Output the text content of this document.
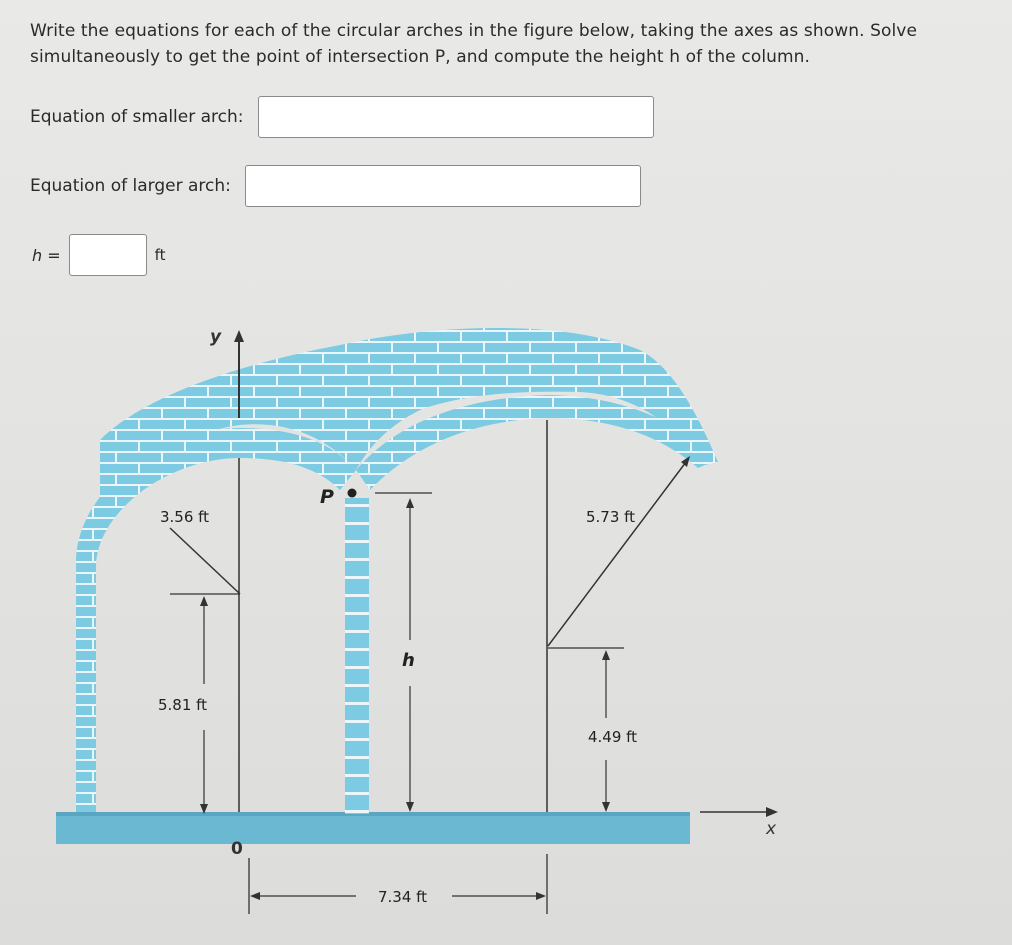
Write the equations for each of the circular arches in the figure below, taking the axes as shown. Solve simultaneously to get the point of intersection P, and compute the height h of the column.
Equation of smaller arch:
Equation of larger arch:
h =	ft
y
x
0
3.56 ft
5.81 ft
P
h
5.73 ft
4.49 ft
7.34 ft
